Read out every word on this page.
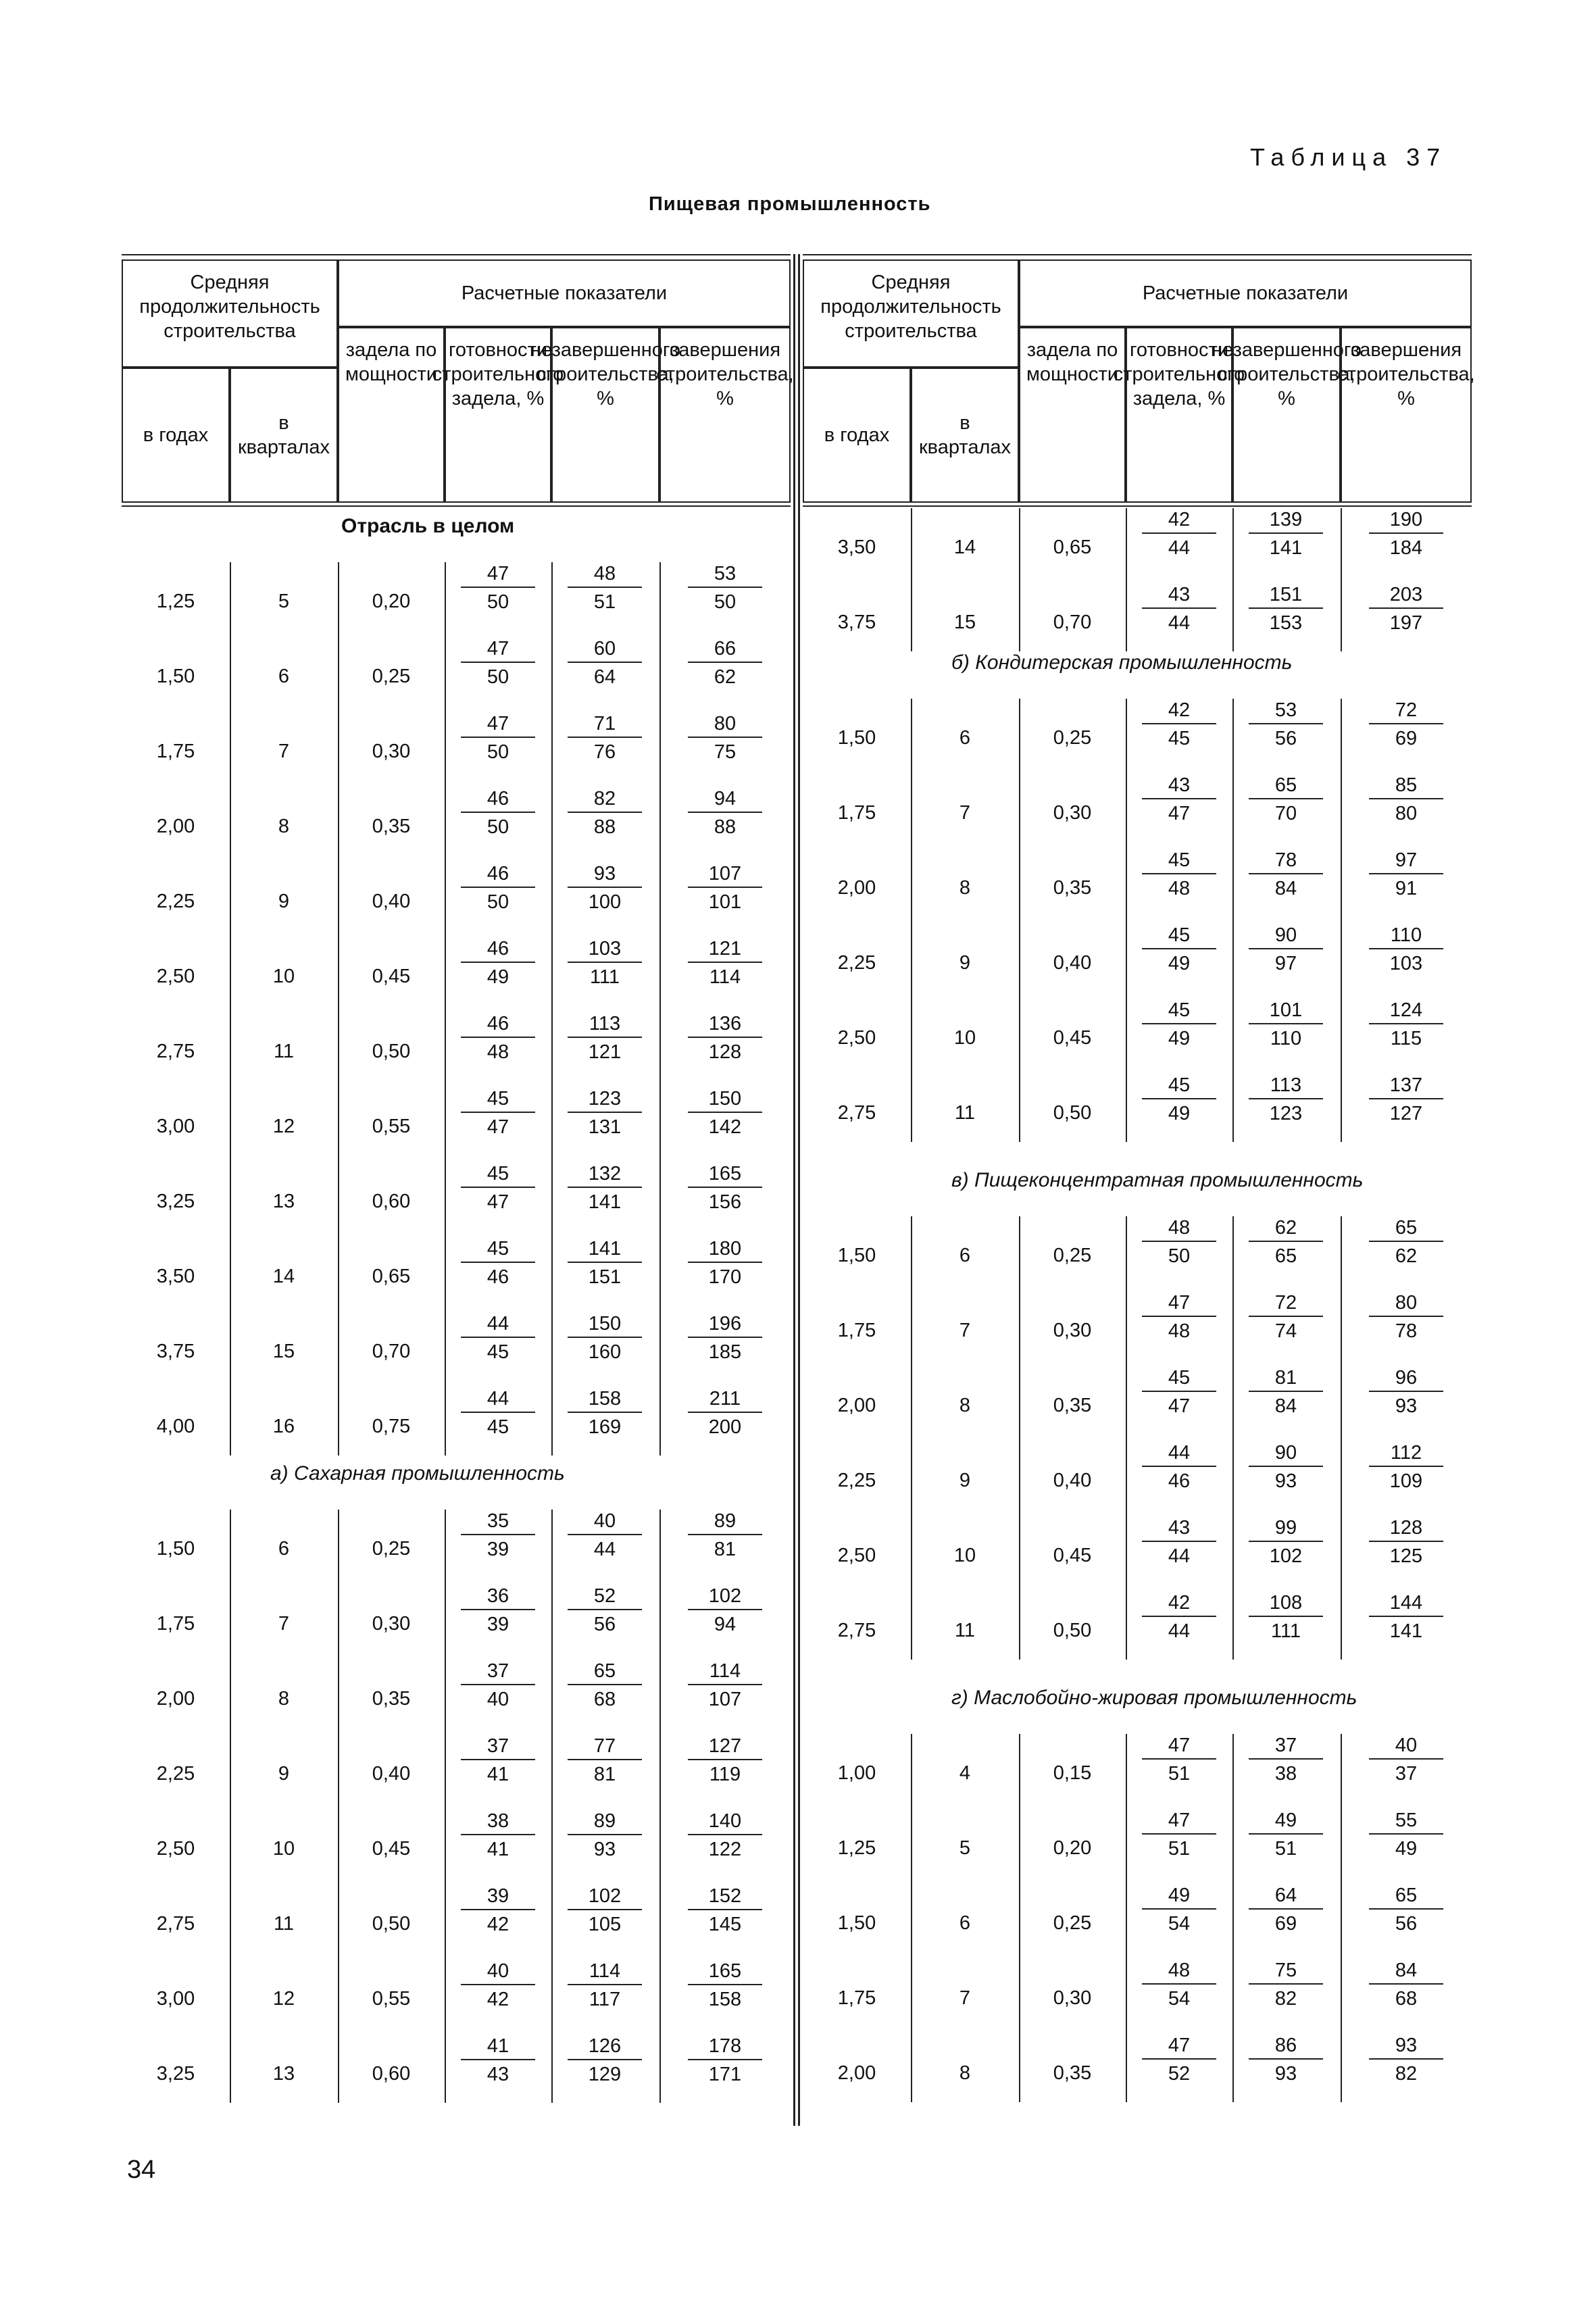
Таблица 37
Пищевая промышленность
Средняя продолжительность строительства
Расчетные показатели
в годах
в кварталах
задела по мощности
готовности строительного задела, %
незавершенного строительства, %
завершения строительства, %
Отрасль в целом
1,25	5	0,20	$\frac{47}{50} \frac{48}{51} \frac{53}{50}$
1,50	6	0,25	$\frac{47}{50} \frac{60}{64} \frac{66}{62}$
1,75	7	0,30	$\frac{47}{50} \frac{71}{76} \frac{80}{75}$
2,00	8	0,35	$\frac{46}{50} \frac{82}{88} \frac{94}{88}$
2,25	9	0,40	$\frac{46}{50} \frac{93}{100} \frac{107}{101}$
2,50	10	0,45	$\frac{46}{49} \frac{103}{111} \frac{121}{114}$
2,75	11	0,50	$\frac{46}{48} \frac{113}{121} \frac{136}{128}$
3,00	12	0,55	$\frac{45}{47} \frac{123}{131} \frac{150}{142}$
3,25	13	0,60	$\frac{45}{47} \frac{132}{141} \frac{165}{156}$
3,50	14	0,65	$\frac{45}{46} \frac{141}{151} \frac{180}{170}$
3,75	15	0,70	$\frac{44}{45} \frac{150}{160} \frac{196}{185}$
4,00	16	0,75	$\frac{44}{45} \frac{158}{169} \frac{211}{200}$
а) Сахарная промышленность
1,50	6	0,25	$\frac{35}{39} \frac{40}{44} \frac{89}{81}$
1,75	7	0,30	$\frac{36}{39} \frac{52}{56} \frac{102}{94}$
2,00	8	0,35	$\frac{37}{40} \frac{65}{68} \frac{114}{107}$
2,25	9	0,40	$\frac{37}{41} \frac{77}{81} \frac{127}{119}$
2,50	10	0,45	$\frac{38}{41} \frac{89}{93} \frac{140}{122}$
2,75	11	0,50	$\frac{39}{42} \frac{102}{105} \frac{152}{145}$
3,00	12	0,55	$\frac{40}{42} \frac{114}{117} \frac{165}{158}$
3,25	13	0,60	$\frac{41}{43} \frac{126}{129} \frac{178}{171}$
Средняя продолжительность строительства
Расчетные показатели
в годах
в кварталах
задела по мощности
готовности строительного задела, %
незавершенного строительства, %
завершения строительства, %
3,50	14	0,65	$\frac{42}{44} \frac{139}{141} \frac{190}{184}$
3,75	15	0,70	$\frac{43}{44} \frac{151}{153} \frac{203}{197}$
б) Кондитерская промышленность
1,50	6	0,25	$\frac{42}{45} \frac{53}{56} \frac{72}{69}$
1,75	7	0,30	$\frac{43}{47} \frac{65}{70} \frac{85}{80}$
2,00	8	0,35	$\frac{45}{48} \frac{78}{84} \frac{97}{91}$
2,25	9	0,40	$\frac{45}{49} \frac{90}{97} \frac{110}{103}$
2,50	10	0,45	$\frac{45}{49} \frac{101}{110} \frac{124}{115}$
2,75	11	0,50	$\frac{45}{49} \frac{113}{123} \frac{137}{127}$
в) Пищеконцентратная промышленность
1,50	6	0,25	$\frac{48}{50} \frac{62}{65} \frac{65}{62}$
1,75	7	0,30	$\frac{47}{48} \frac{72}{74} \frac{80}{78}$
2,00	8	0,35	$\frac{45}{47} \frac{81}{84} \frac{96}{93}$
2,25	9	0,40	$\frac{44}{46} \frac{90}{93} \frac{112}{109}$
2,50	10	0,45	$\frac{43}{44} \frac{99}{102} \frac{128}{125}$
2,75	11	0,50	$\frac{42}{44} \frac{108}{111} \frac{144}{141}$
г) Маслобойно-жировая промышленность
1,00	4	0,15	$\frac{47}{51} \frac{37}{38} \frac{40}{37}$
1,25	5	0,20	$\frac{47}{51} \frac{49}{51} \frac{55}{49}$
1,50	6	0,25	$\frac{49}{54} \frac{64}{69} \frac{65}{56}$
1,75	7	0,30	$\frac{48}{54} \frac{75}{82} \frac{84}{68}$
2,00	8	0,35	$\frac{47}{52} \frac{86}{93} \frac{93}{82}$
34
